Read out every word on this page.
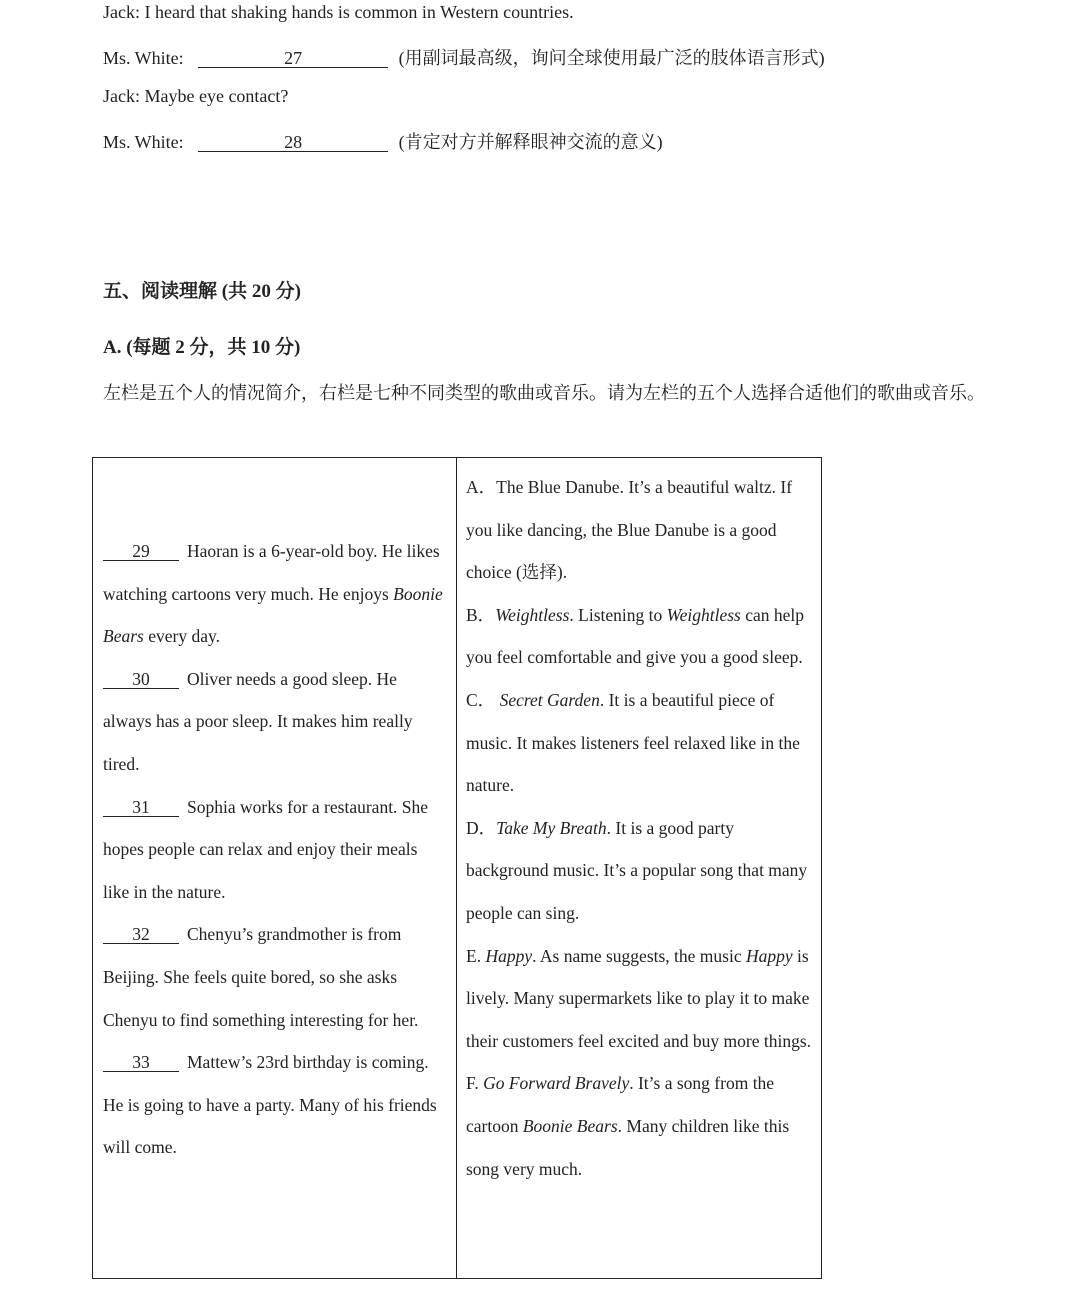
Jack: I heard that shaking hands is common in Western countries.
Ms. White:	27	(用副词最高级，询问全球使用最广泛的肢体语言形式)
Jack: Maybe eye contact?
Ms. White:	28	(肯定对方并解释眼神交流的意义)
五、阅读理解 (共 20 分)
A. (每题 2 分，共 10 分)
左栏是五个人的情况简介，右栏是七种不同类型的歌曲或音乐。请为左栏的五个人选择合适他们的歌曲或音乐。
29 Haoran is a 6-year-old boy. He likes watching cartoons very much. He enjoys Boonie Bears every day.
30 Oliver needs a good sleep. He always has a poor sleep. It makes him really tired.
31 Sophia works for a restaurant. She hopes people can relax and enjoy their meals like in the nature.
32 Chenyu’s grandmother is from Beijing. She feels quite bored, so she asks Chenyu to find something interesting for her.
33 Mattew’s 23rd birthday is coming. He is going to have a party. Many of his friends will come.

A．The Blue Danube. It’s a beautiful waltz. If you like dancing, the Blue Danube is a good choice (选择).
B．Weightless. Listening to Weightless can help you feel comfortable and give you a good sleep.
C． Secret Garden. It is a beautiful piece of music. It makes listeners feel relaxed like in the nature.
D．Take My Breath. It is a good party background music. It’s a popular song that many people can sing.
E. Happy. As name suggests, the music Happy is lively. Many supermarkets like to play it to make their customers feel excited and buy more things.
F. Go Forward Bravely. It’s a song from the cartoon Boonie Bears. Many children like this song very much.
